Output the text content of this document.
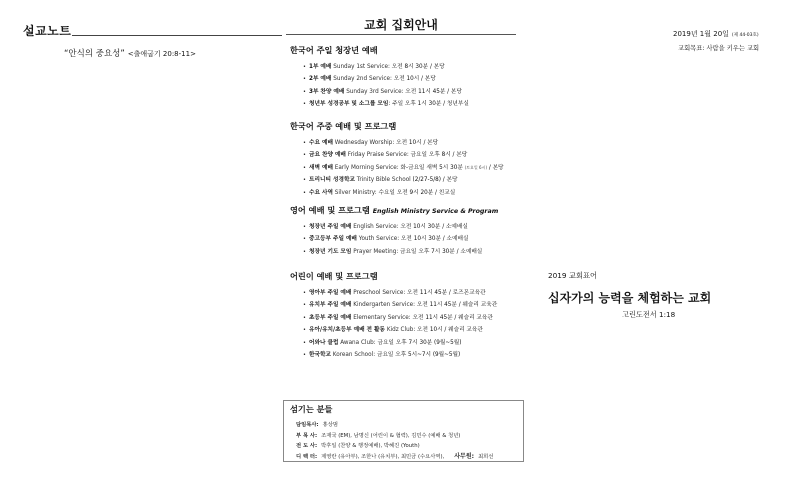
설교노트
“안식의 중요성” <출애굽기 20:8-11>
교회 집회안내
한국어 주일 청장년 예배
• 1부 예배 Sunday 1st Service: 오전 8시 30분 / 본당
• 2부 예배 Sunday 2nd Service: 오전 10시 / 본당
• 3부 찬양 예배 Sunday 3rd Service: 오전 11시 45분 / 본당
• 청년부 성경공부 및 소그룹 모임: 주일 오후 1시 30분 / 청년부실
한국어 주중 예배 및 프로그램
• 수요 예배 Wednesday Worship: 오전 10시 / 본당
• 금요 찬양 예배 Friday Praise Service: 금요일 오후 8시 / 본당
• 새벽 예배 Early Morning Service: 화-금요일 새벽 5시 30분 (토요일 6시) / 본당
• 트리니티 성경학교 Trinity Bible School (2/27-5/8) / 본당
• 수요 사역 Silver Ministry: 수요일 오전 9시 20분 / 친교실
영어 예배 및 프로그램 English Ministry Service & Program
• 청장년 주일 예배 English Service: 오전 10시 30분 / 소예배실
• 중고등부 주일 예배 Youth Service: 오전 10시 30분 / 소예배실
• 청장년 기도 모임 Prayer Meeting: 금요일 오후 7시 30분 / 소예배실
어린이 예배 및 프로그램
• 영아부 주일 예배 Preschool Service: 오전 11시 45분 / 로즈몬교육관
• 유치부 주일 예배 Kindergarten Service: 오전 11시 45분 / 웨슬리 교육관
• 초등부 주일 예배 Elementary Service: 오전 11시 45분 / 웨슬리 교육관
• 유아/유치/초등부 예배 전 활동 Kidz Club: 오전 10시 / 웨슬리 교육관
• 어와나 클럽 Awana Club: 금요일 오후 7시 30분 (9월~5월)
• 한국학교 Korean School: 금요일 오후 5시~7시 (9월~5월)
섬기는 분들
담임목사: 홍상범
부 목 사: 조재국 (EM), 남명신 (어린이 & 협력), 김민수 (예배 & 청년)
전 도 사: 박후일 (찬양 & 행정예배), 박혜진 (Youth)
디 렉 터: 제영란 (유아부), 조한나 (유치부), 최민금 (수요사역), 사무원: 최희선
2019년 1월 20일 (제 44-03호)
교회목표: 사람을 키우는 교회
2019 교회표어
십자가의 능력을 체험하는 교회
고린도전서 1:18
